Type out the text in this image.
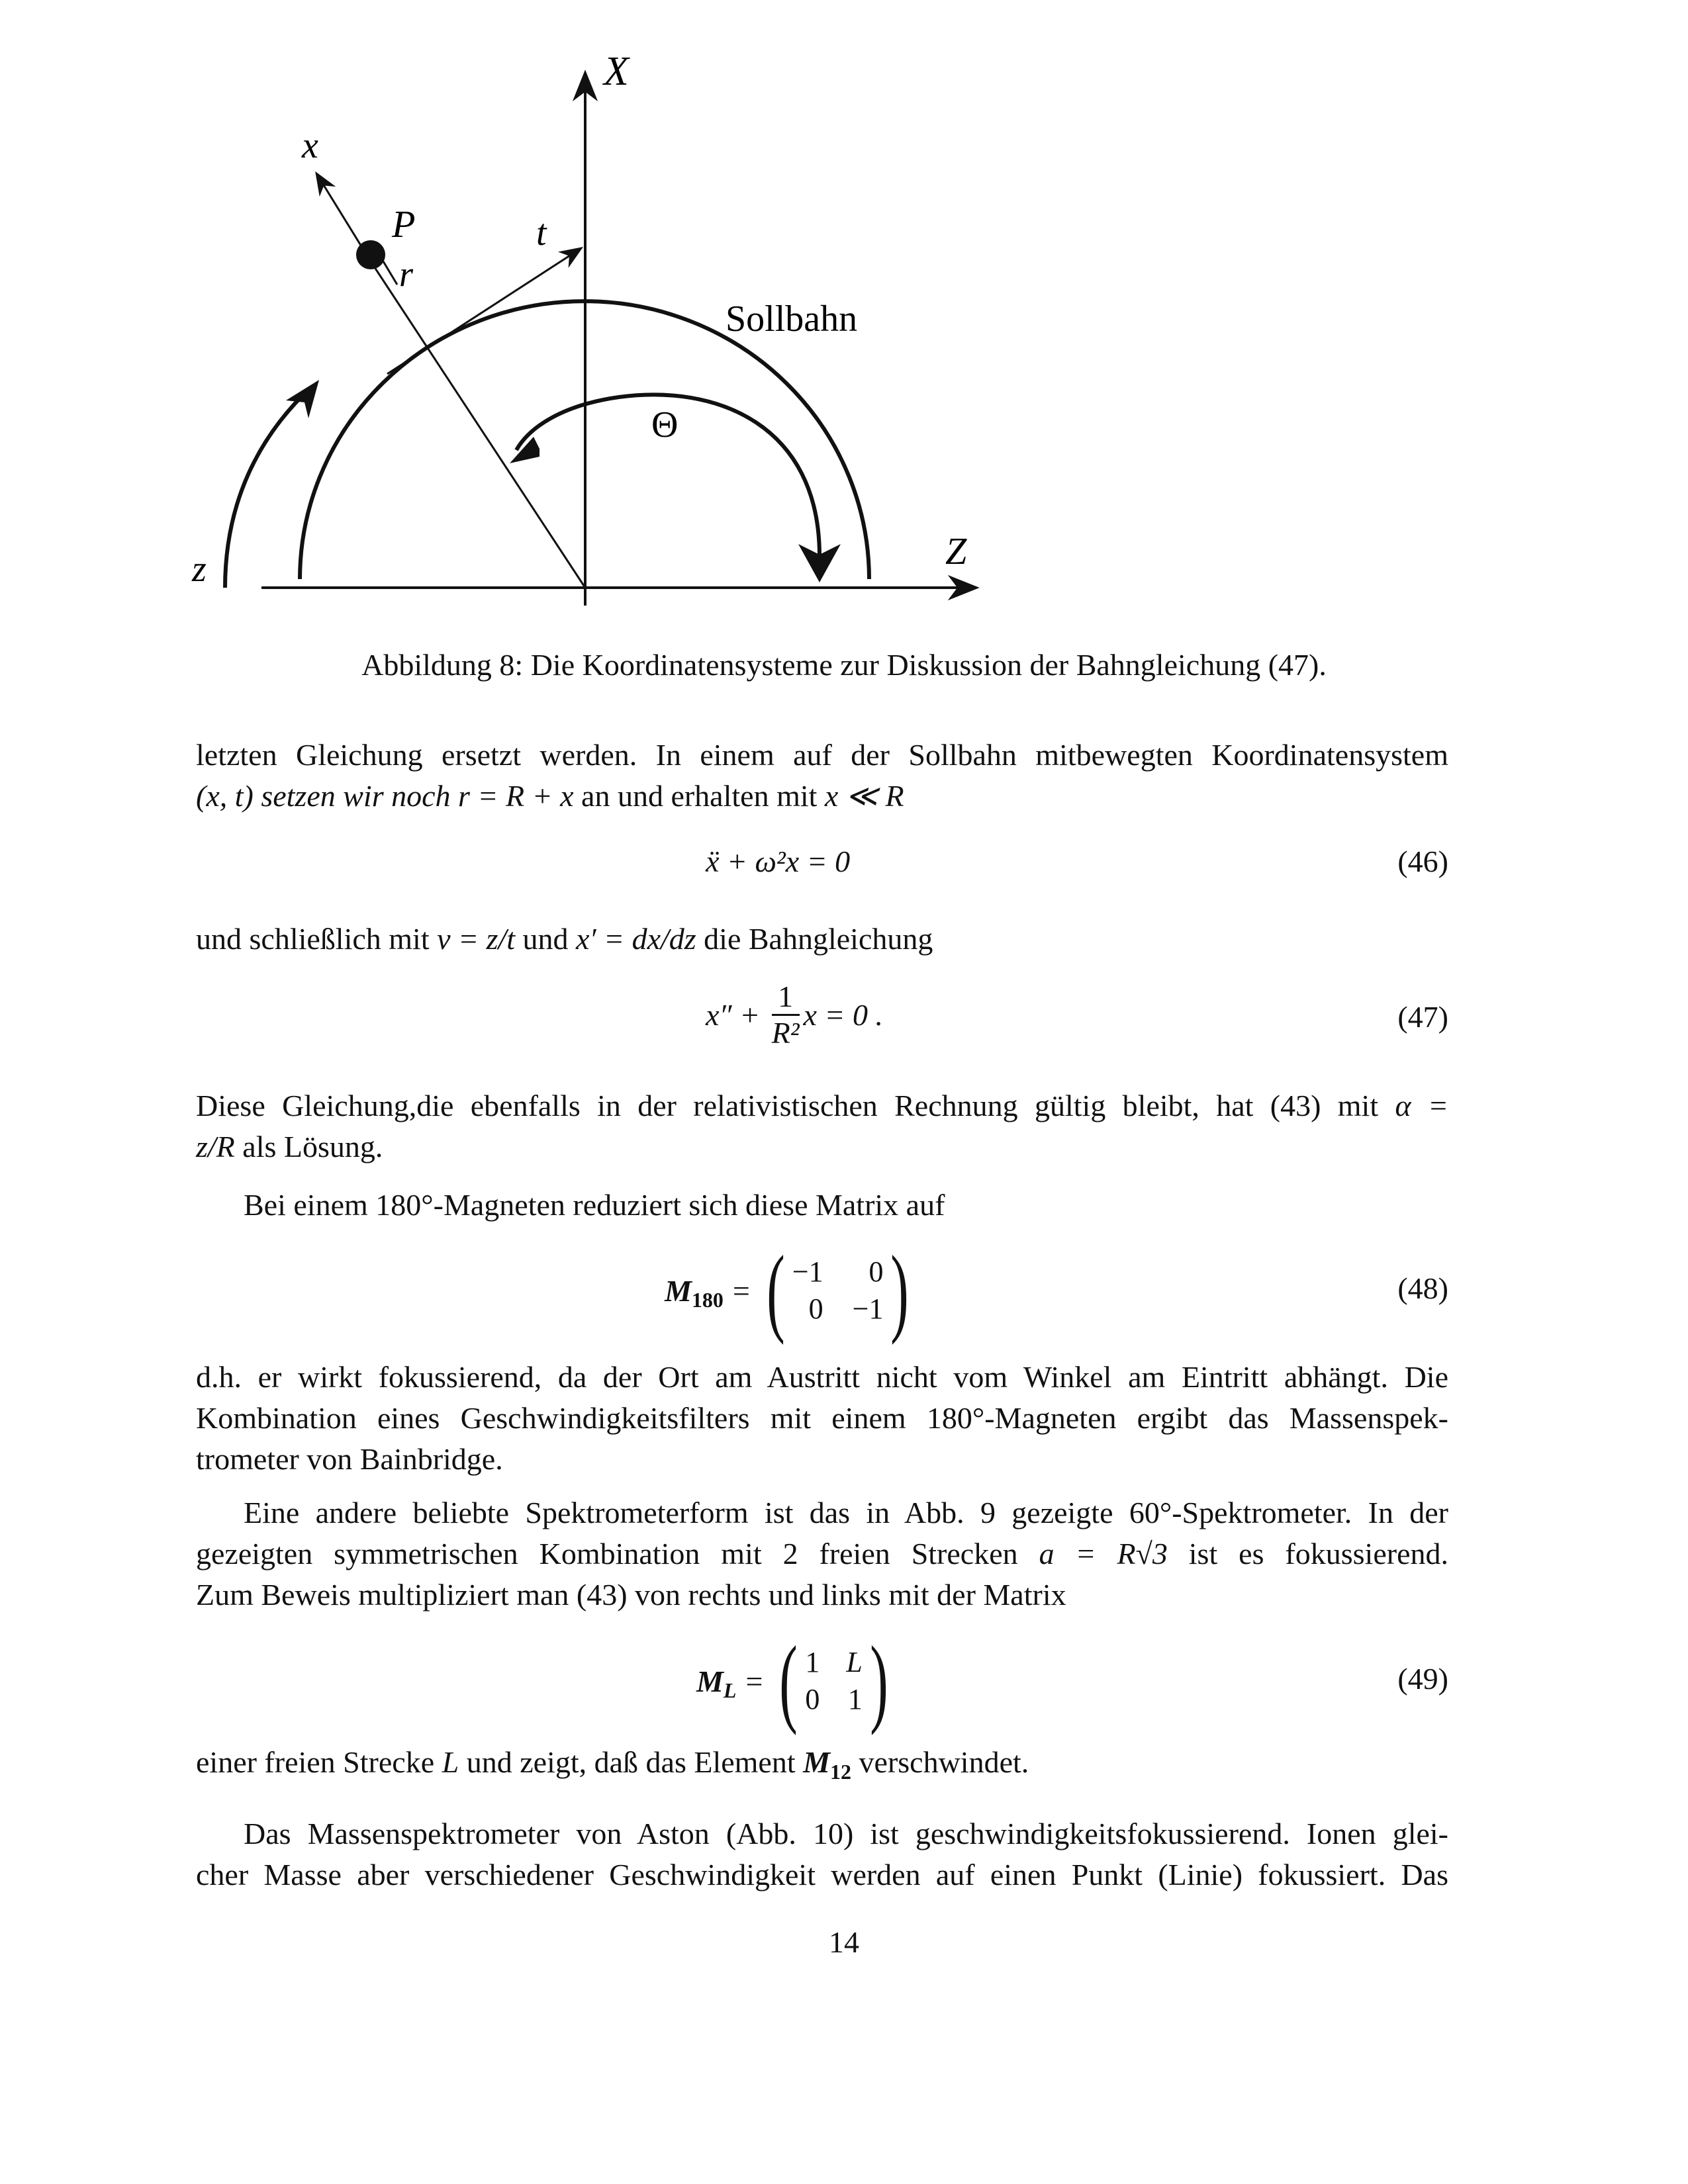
X
x
P
r
t
Sollbahn
Θ
Z
z
Abbildung 8: Die Koordinatensysteme zur Diskussion der Bahngleichung (47).
letzten Gleichung ersetzt werden. In einem auf der Sollbahn mitbewegten Koordinatensystem
(x, t) setzen wir noch r = R + x an und erhalten mit x ≪ R
ẍ + ω²x = 0	(46)
und schließlich mit v = z/t und x′ = dx/dz die Bahngleichung
$x'' + \frac{1}{\text{R²}}$ x = 0 .	(47)
Diese Gleichung,die ebenfalls in der relativistischen Rechnung gültig bleibt, hat (43) mit α =
z/R als Lösung.
Bei einem 180°-Magneten reduziert sich diese Matrix auf
M 180 = ( −1	0
0 −1 )	(48)
d.h. er wirkt fokussierend, da der Ort am Austritt nicht vom Winkel am Eintritt abhängt. Die
Kombination eines Geschwindigkeitsfilters mit einem 180°-Magneten ergibt das Massenspek-
trometer von Bainbridge.
Eine andere beliebte Spektrometerform ist das in Abb. 9 gezeigte 60°-Spektrometer. In der
gezeigten symmetrischen Kombination mit 2 freien Strecken a = R√3 ist es fokussierend.
Zum Beweis multipliziert man (43) von rechts und links mit der Matrix
M L = ( 1 L
0 1 )	(49)
einer freien Strecke L und zeigt, daß das Element $M_{12}$ verschwindet.
Das Massenspektrometer von Aston (Abb. 10) ist geschwindigkeitsfokussierend. Ionen glei-
cher Masse aber verschiedener Geschwindigkeit werden auf einen Punkt (Linie) fokussiert. Das
14
